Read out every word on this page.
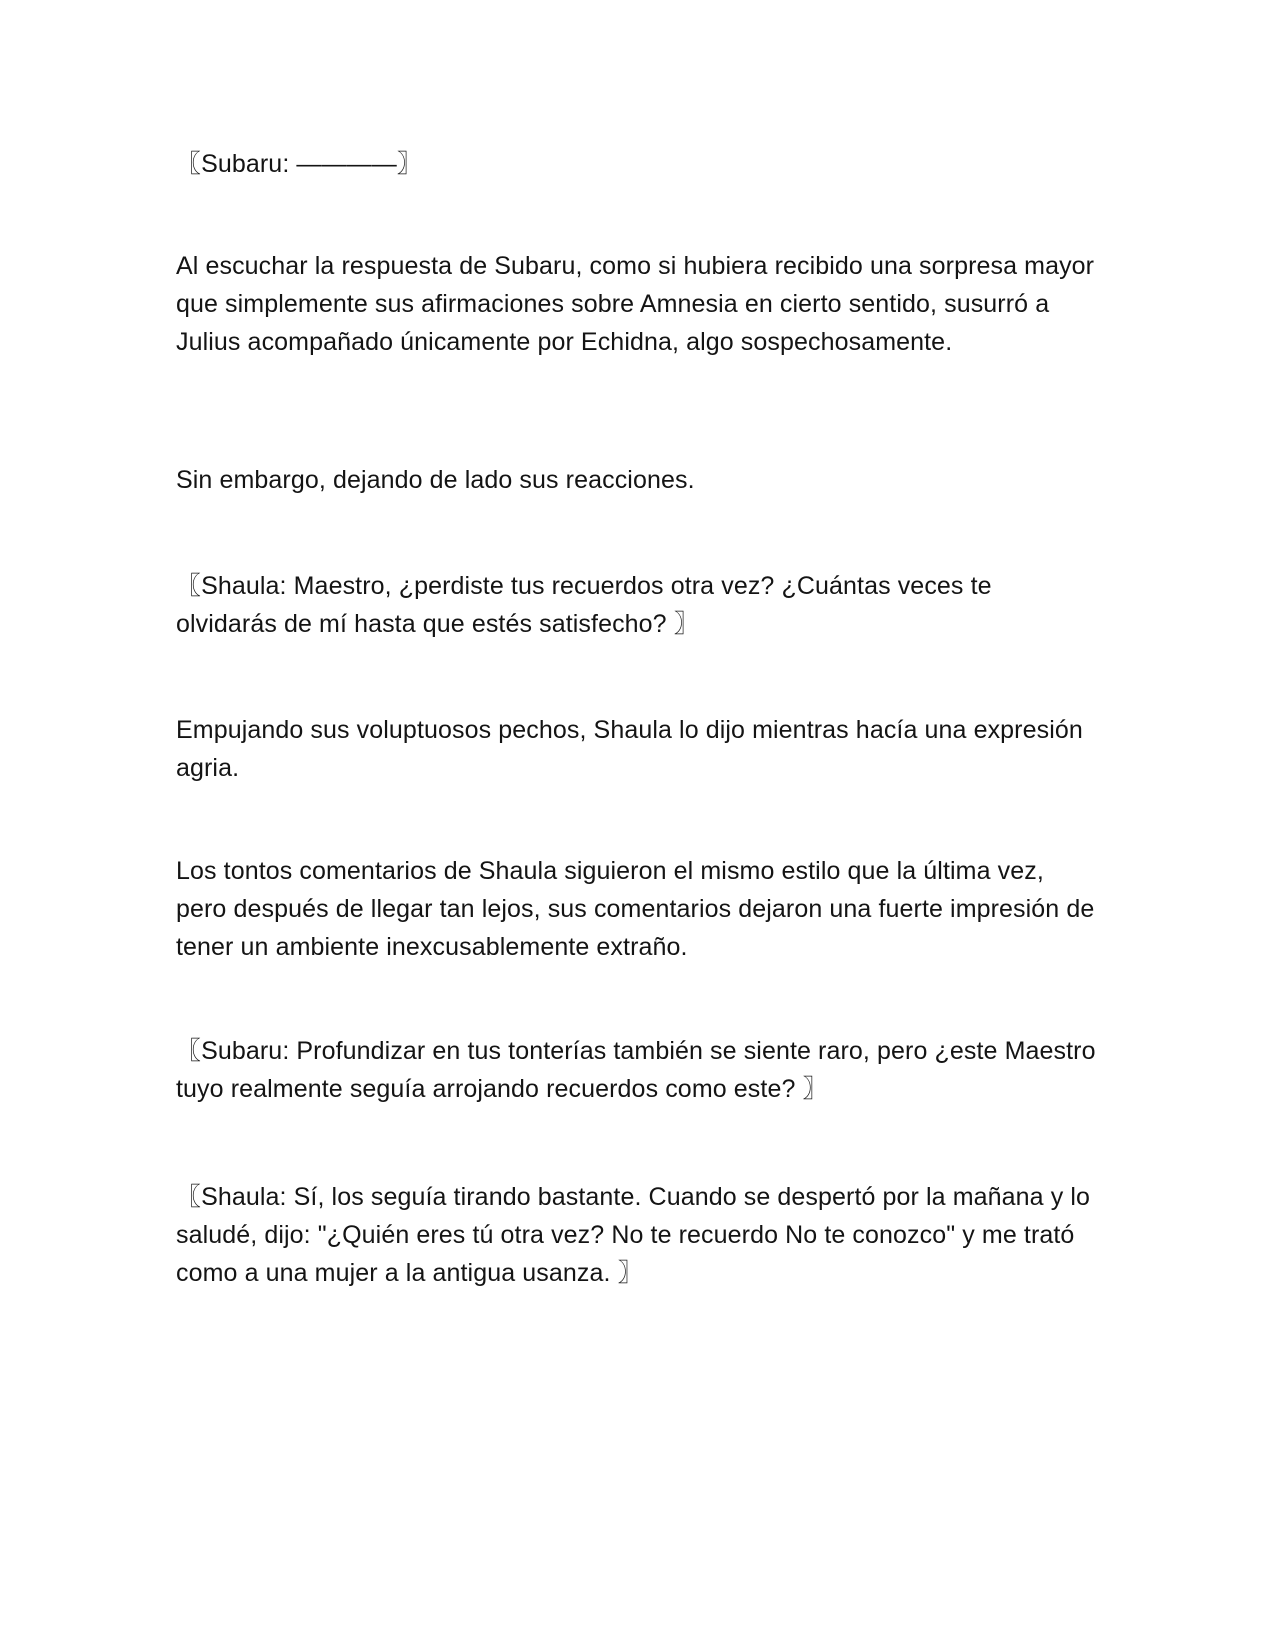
〖Subaru: ————〗

Al escuchar la respuesta de Subaru, como si hubiera recibido una sorpresa mayor que simplemente sus afirmaciones sobre Amnesia en cierto sentido, susurró a Julius acompañado únicamente por Echidna, algo sospechosamente.

Sin embargo, dejando de lado sus reacciones.

〖Shaula: Maestro, ¿perdiste tus recuerdos otra vez? ¿Cuántas veces te olvidarás de mí hasta que estés satisfecho? 〗

Empujando sus voluptuosos pechos, Shaula lo dijo mientras hacía una expresión agria.

Los tontos comentarios de Shaula siguieron el mismo estilo que la última vez, pero después de llegar tan lejos, sus comentarios dejaron una fuerte impresión de tener un ambiente inexcusablemente extraño.

〖Subaru: Profundizar en tus tonterías también se siente raro, pero ¿este Maestro tuyo realmente seguía arrojando recuerdos como este? 〗

〖Shaula: Sí, los seguía tirando bastante. Cuando se despertó por la mañana y lo saludé, dijo: "¿Quién eres tú otra vez? No te recuerdo No te conozco" y me trató como a una mujer a la antigua usanza. 〗
